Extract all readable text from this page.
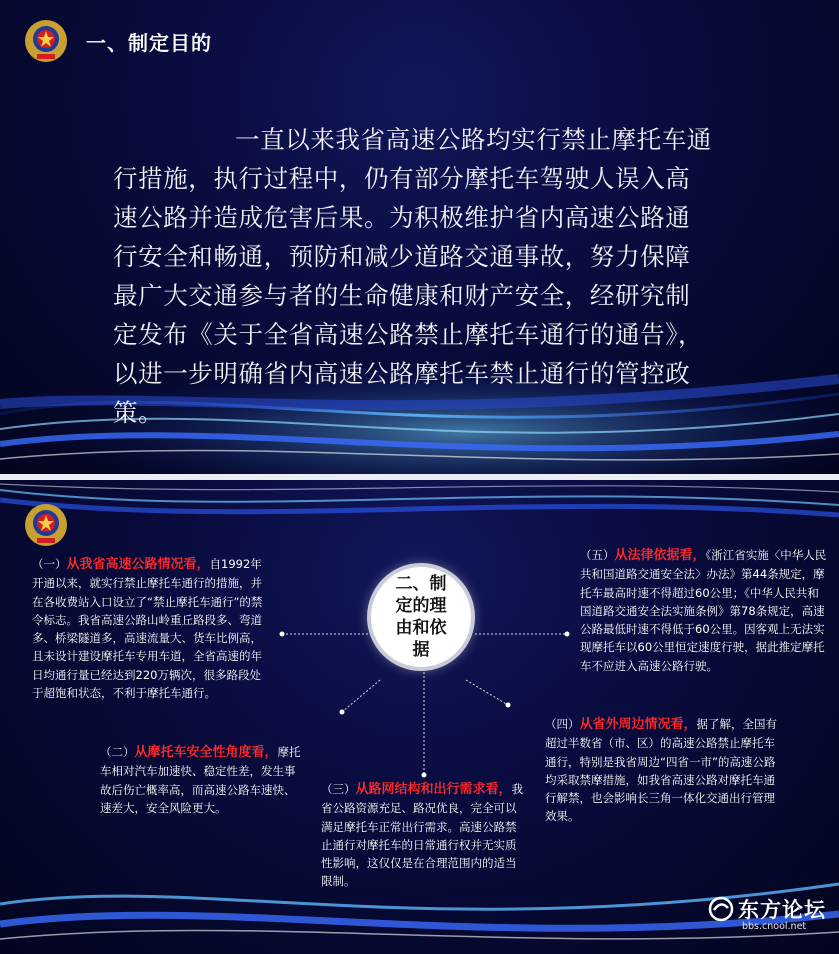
一、制定目的
一直以来我省高速公路均实行禁止摩托车通行措施，执行过程中，仍有部分摩托车驾驶人误入高速公路并造成危害后果。为积极维护省内高速公路通行安全和畅通，预防和减少道路交通事故，努力保障最广大交通参与者的生命健康和财产安全，经研究制定发布《关于全省高速公路禁止摩托车通行的通告》，以进一步明确省内高速公路摩托车禁止通行的管控政策。
二、制定的理由和依据
（一）从我省高速公路情况看，自1992年开通以来，就实行禁止摩托车通行的措施，并在各收费站入口设立了“禁止摩托车通行”的禁令标志。我省高速公路山岭重丘路段多、弯道多、桥梁隧道多，高速流量大、货车比例高，且未设计建设摩托车专用车道，全省高速的年日均通行量已经达到220万辆次，很多路段处于超饱和状态，不利于摩托车通行。
（二）从摩托车安全性角度看，摩托车相对汽车加速快、稳定性差，发生事故后伤亡概率高，而高速公路车速快、速差大，安全风险更大。
（三）从路网结构和出行需求看，我省公路资源充足、路况优良，完全可以满足摩托车正常出行需求。高速公路禁止通行对摩托车的日常通行权并无实质性影响，这仅仅是在合理范围内的适当限制。
（四）从省外周边情况看，据了解，全国有超过半数省（市、区）的高速公路禁止摩托车通行，特别是我省周边“四省一市”的高速公路均采取禁摩措施，如我省高速公路对摩托车通行解禁，也会影响长三角一体化交通出行管理效果。
（五）从法律依据看，《浙江省实施〈中华人民共和国道路交通安全法〉办法》第44条规定，摩托车最高时速不得超过60公里；《中华人民共和国道路交通安全法实施条例》第78条规定，高速公路最低时速不得低于60公里。因客观上无法实现摩托车以60公里恒定速度行驶，据此推定摩托车不应进入高速公路行驶。
东方论坛
bbs.cnool.net
